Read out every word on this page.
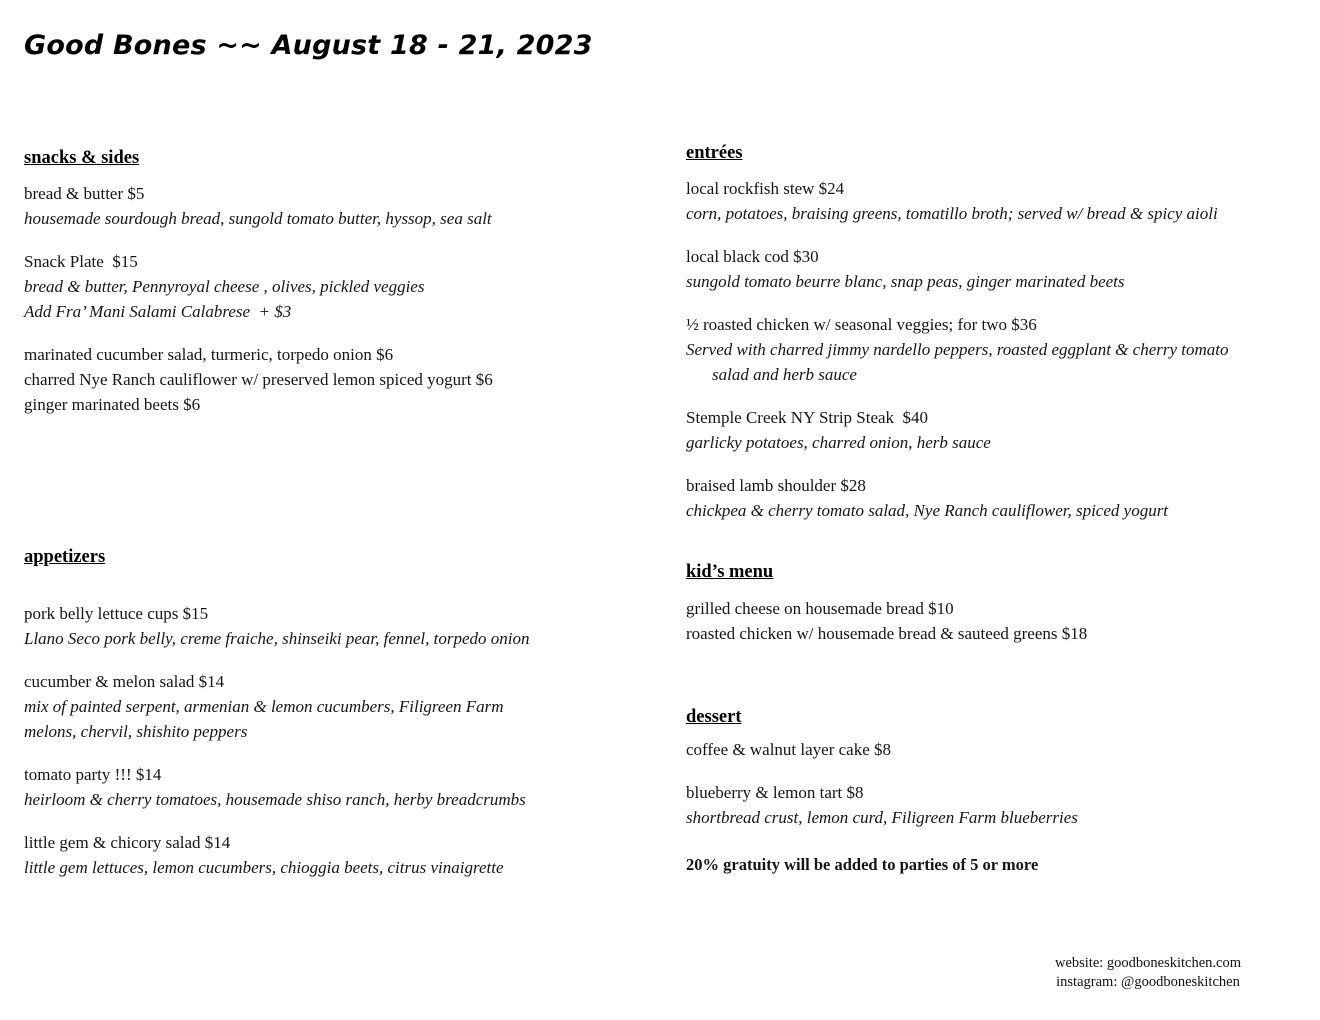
Good Bones ~~ August 18 - 21, 2023
snacks & sides
bread & butter $5
housemade sourdough bread, sungold tomato butter, hyssop, sea salt
Snack Plate  $15
bread & butter, Pennyroyal cheese , olives, pickled veggies
Add Fra’ Mani Salami Calabrese  + $3
marinated cucumber salad, turmeric, torpedo onion $6
charred Nye Ranch cauliflower w/ preserved lemon spiced yogurt $6
ginger marinated beets $6
appetizers
pork belly lettuce cups $15
Llano Seco pork belly, creme fraiche, shinseiki pear, fennel, torpedo onion
cucumber & melon salad $14
mix of painted serpent, armenian & lemon cucumbers, Filigreen Farm
melons, chervil, shishito peppers
tomato party !!! $14
heirloom & cherry tomatoes, housemade shiso ranch, herby breadcrumbs
little gem & chicory salad $14
little gem lettuces, lemon cucumbers, chioggia beets, citrus vinaigrette
entrées
local rockfish stew $24
corn, potatoes, braising greens, tomatillo broth; served w/ bread & spicy aioli
local black cod $30
sungold tomato beurre blanc, snap peas, ginger marinated beets
½ roasted chicken w/ seasonal veggies; for two $36
Served with charred jimmy nardello peppers, roasted eggplant & cherry tomato
salad and herb sauce
Stemple Creek NY Strip Steak  $40
garlicky potatoes, charred onion, herb sauce
braised lamb shoulder $28
chickpea & cherry tomato salad, Nye Ranch cauliflower, spiced yogurt
kid’s menu
grilled cheese on housemade bread $10
roasted chicken w/ housemade bread & sauteed greens $18
dessert
coffee & walnut layer cake $8
blueberry & lemon tart $8
shortbread crust, lemon curd, Filigreen Farm blueberries
20% gratuity will be added to parties of 5 or more
website: goodboneskitchen.com
instagram: @goodboneskitchen
